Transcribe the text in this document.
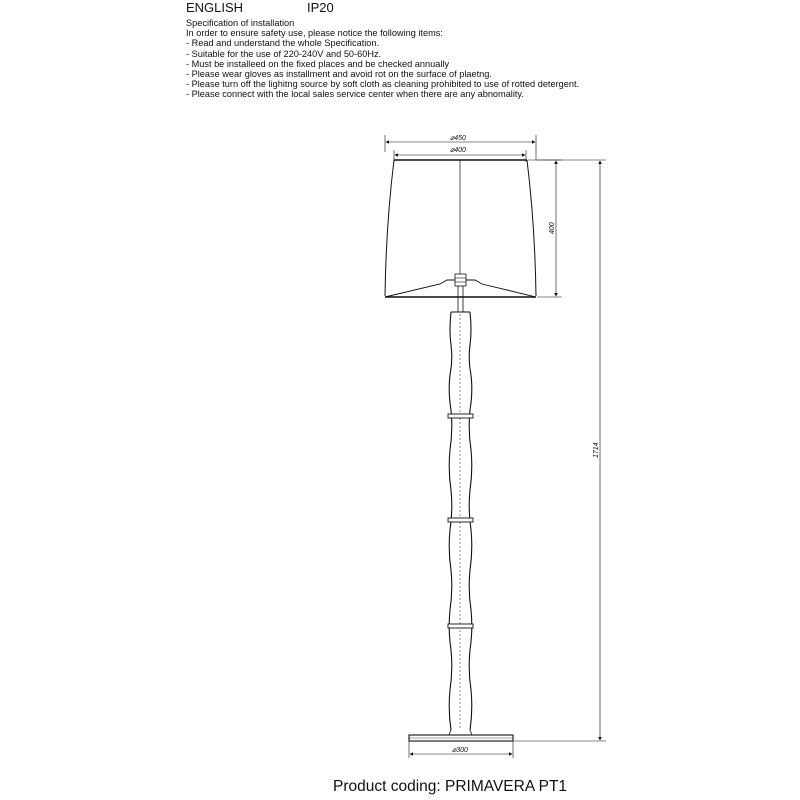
ENGLISH	IP20
Specification of installation
In order to ensure safety use, please notice the following items:
- Read and understand the whole Specification.
- Suitable for the use of 220-240V and 50-60Hz.
- Must be installeed on the fixed places and be checked annually
- Please wear gloves as installment and avoid rot on the surface of plaetng.
- Please turn off the lighitng source by soft cloth as cleaning prohibited to use of rotted detergent.
- Please connect with the local sales service center when there are any abnomality.
⌀450
⌀400
400
⌀300
1714
Product coding: PRIMAVERA PT1
